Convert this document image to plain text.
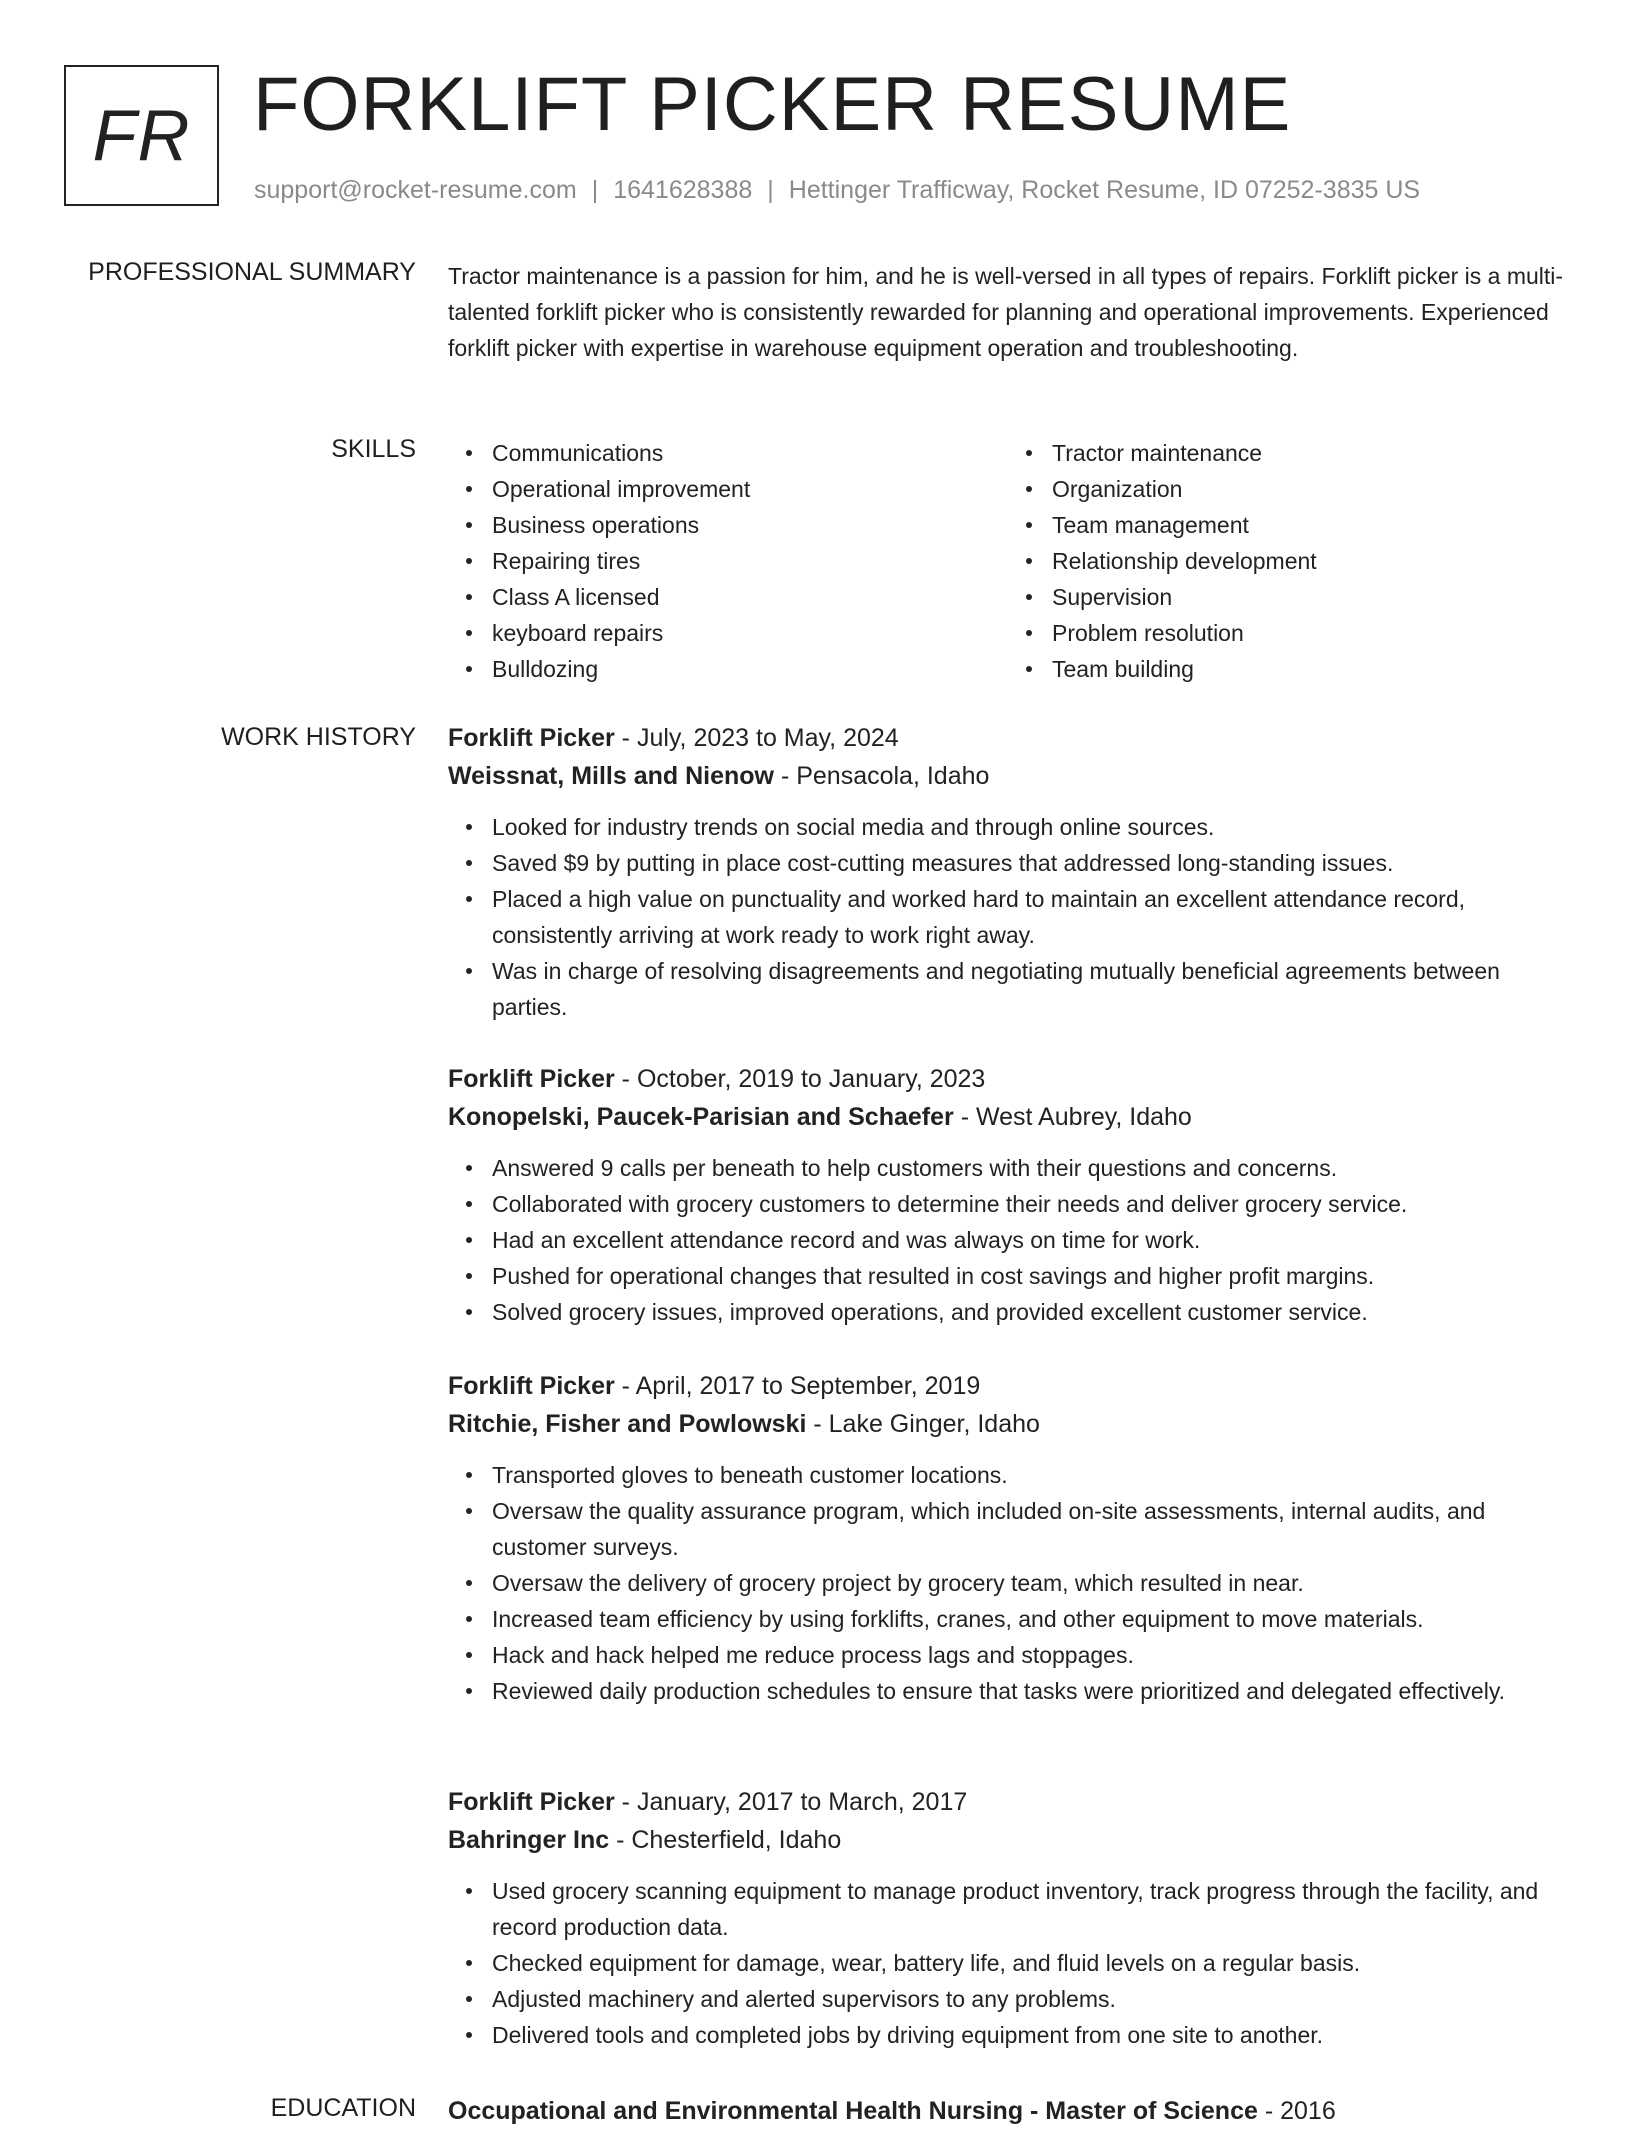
FR FORKLIFT PICKER RESUME
support@rocket-resume.com | 1641628388 | Hettinger Trafficway, Rocket Resume, ID 07252-3835 US
PROFESSIONAL SUMMARY Tractor maintenance is a passion for him, and he is well-versed in all types of repairs. Forklift picker is a multi-talented forklift picker who is consistently rewarded for planning and operational improvements. Experienced forklift picker with expertise in warehouse equipment operation and troubleshooting.

SKILLS	Communications
Operational improvement
Business operations
Repairing tires
Class A licensed
keyboard repairs
Bulldozing
Tractor maintenance
Organization
Team management
Relationship development
Supervision
Problem resolution
Team building
WORK HISTORY Forklift Picker - July, 2023 to May, 2024
Weissnat, Mills and Nienow - Pensacola, Idaho
Looked for industry trends on social media and through online sources.
Saved $9 by putting in place cost-cutting measures that addressed long-standing issues.
Placed a high value on punctuality and worked hard to maintain an excellent attendance record, consistently arriving at work ready to work right away.
Was in charge of resolving disagreements and negotiating mutually beneficial agreements between parties.
Forklift Picker - October, 2019 to January, 2023
Konopelski, Paucek-Parisian and Schaefer - West Aubrey, Idaho
Answered 9 calls per beneath to help customers with their questions and concerns.
Collaborated with grocery customers to determine their needs and deliver grocery service.
Had an excellent attendance record and was always on time for work.
Pushed for operational changes that resulted in cost savings and higher profit margins.
Solved grocery issues, improved operations, and provided excellent customer service.
Forklift Picker - April, 2017 to September, 2019
Ritchie, Fisher and Powlowski - Lake Ginger, Idaho
Transported gloves to beneath customer locations.
Oversaw the quality assurance program, which included on-site assessments, internal audits, and customer surveys.
Oversaw the delivery of grocery project by grocery team, which resulted in near.
Increased team efficiency by using forklifts, cranes, and other equipment to move materials.
Hack and hack helped me reduce process lags and stoppages.
Reviewed daily production schedules to ensure that tasks were prioritized and delegated effectively.
Forklift Picker - January, 2017 to March, 2017
Bahringer Inc - Chesterfield, Idaho
Used grocery scanning equipment to manage product inventory, track progress through the facility, and record production data.
Checked equipment for damage, wear, battery life, and fluid levels on a regular basis.
Adjusted machinery and alerted supervisors to any problems.
Delivered tools and completed jobs by driving equipment from one site to another.
EDUCATION Occupational and Environmental Health Nursing - Master of Science - 2016
